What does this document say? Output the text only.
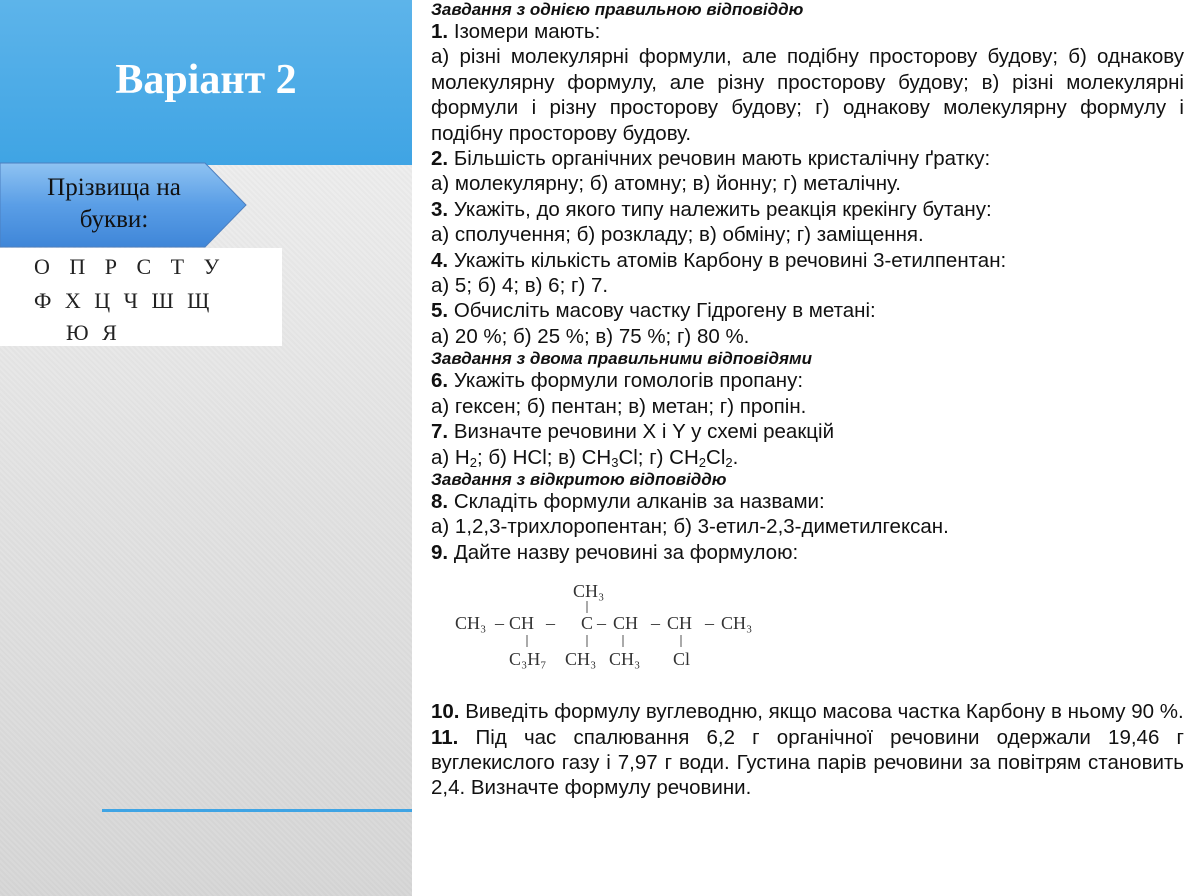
Варіант 2
Прізвища на букви:
О П Р С Т У
Ф Х Ц Ч Ш Щ
Ю Я

Завдання з однією правильною відповіддю

1. Ізомери мають:

а) різні молекулярні формули, але подібну просторову будову; б) однакову молекулярну формулу, але різну просторову будову; в) різні молекулярні формули і різну просторову будову; г) однакову молекулярну формулу і подібну просторову будову.

2. Більшість органічних речовин мають кристалічну ґратку:

а) молекулярну; б) атомну; в) йонну; г) металічну.

3. Укажіть, до якого типу належить реакція крекінгу бутану:

а) сполучення; б) розкладу; в) обміну; г) заміщення.

4. Укажіть кількість атомів Карбону в речовині 3-етилпентан:

а) 5; б) 4; в) 6; г) 7.

5. Обчисліть масову частку Гідрогену в метані:

а) 20 %; б) 25 %; в) 75 %; г) 80 %.

Завдання з двома правильними відповідями

6. Укажіть формули гомологів пропану:

а) гексен; б) пентан; в) метан; г) пропін.

7. Визначте речовини X і Y у схемі реакцій

а) $H_2$; б) HCl; в) $CH_3Cl$; г) $CH_2Cl_2$.

Завдання з відкритою відповіддю

8. Складіть формули алканів за назвами:

а) 1,2,3-трихлоропентан; б) 3-етил-2,3-диметилгексан.

9. Дайте назву речовині за формулою:

CH₃
CH₃ – CH – C – CH – CH – CH₃
C₃H₇ CH₃ CH₃ Cl

10. Виведіть формулу вуглеводню, якщо масова частка Карбону в ньому 90 %.

11. Під час спалювання 6,2 г органічної речовини одержали 19,46 г вуглекислого газу і 7,97 г води. Густина парів речовини за повітрям становить 2,4. Визначте формулу речовини.
